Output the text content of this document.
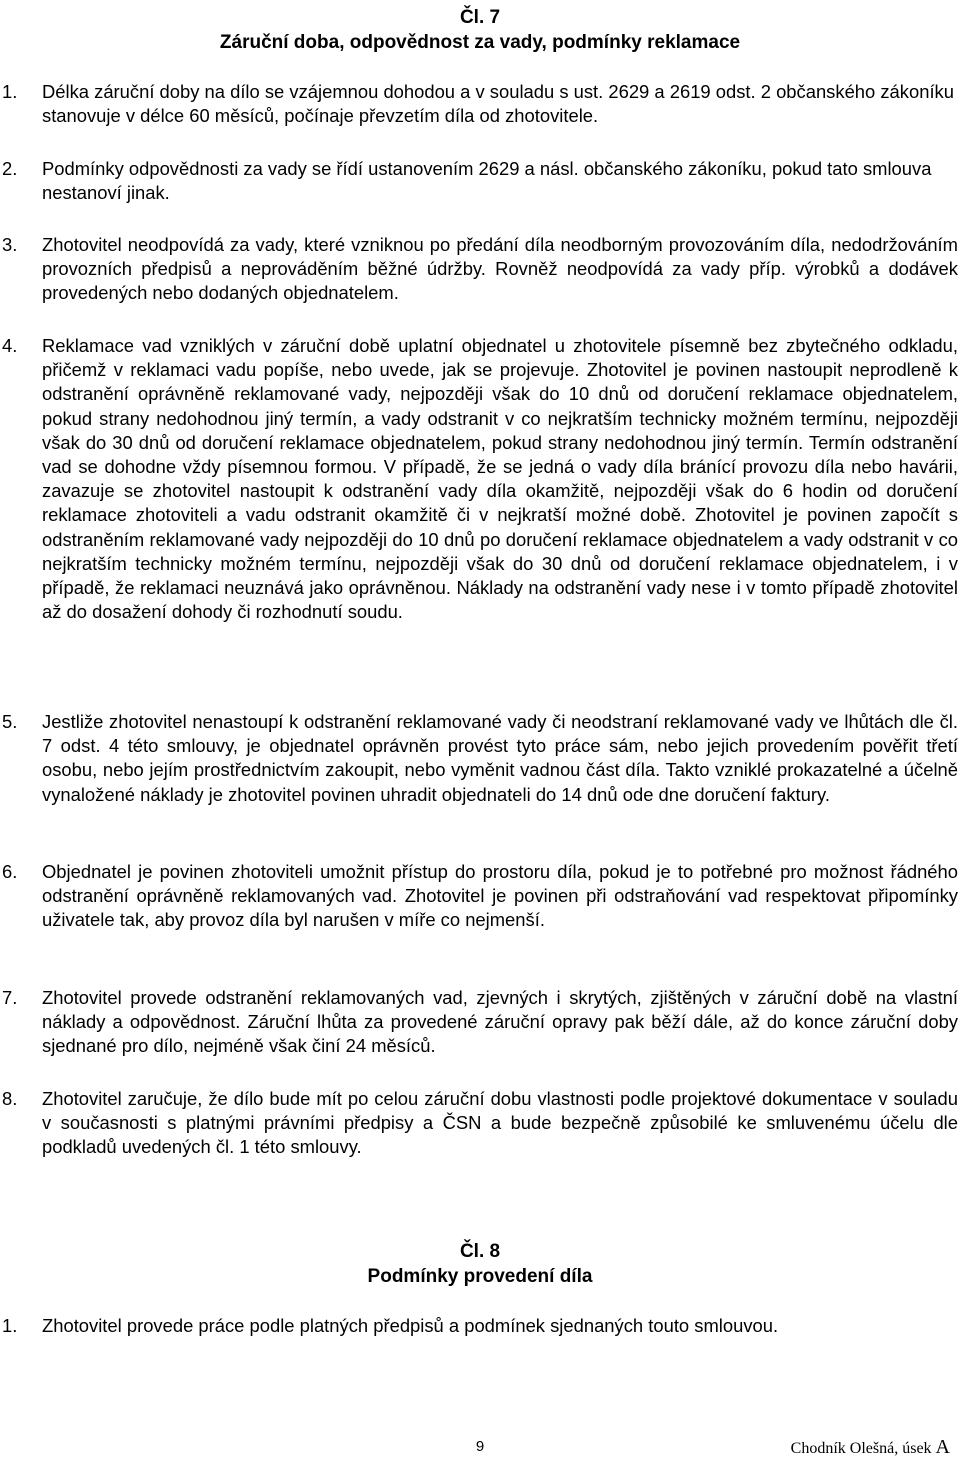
Čl. 7
Záruční doba, odpovědnost za vady, podmínky reklamace
1.	Délka záruční doby na dílo se vzájemnou dohodou a v souladu s ust. 2629 a 2619 odst. 2 občanského zákoníku stanovuje v délce 60 měsíců, počínaje převzetím díla od zhotovitele.
2.	Podmínky odpovědnosti za vady se řídí ustanovením 2629 a násl. občanského zákoníku, pokud tato smlouva nestanoví jinak.
3.	Zhotovitel neodpovídá za vady, které vzniknou po předání díla neodborným provozováním díla, nedodržováním provozních předpisů a neprováděním běžné údržby. Rovněž neodpovídá za vady příp. výrobků a dodávek provedených nebo dodaných objednatelem.
4.	Reklamace vad vzniklých v záruční době uplatní objednatel u zhotovitele písemně bez zbytečného odkladu, přičemž v reklamaci vadu popíše, nebo uvede, jak se projevuje. Zhotovitel je povinen nastoupit neprodleně k odstranění oprávněně reklamované vady, nejpozději však do 10 dnů od doručení reklamace objednatelem, pokud strany nedohodnou jiný termín, a vady odstranit v co nejkratším technicky možném termínu, nejpozději však do 30 dnů od doručení reklamace objednatelem, pokud strany nedohodnou jiný termín. Termín odstranění vad se dohodne vždy písemnou formou. V případě, že se jedná o vady díla bránící provozu díla nebo havárii, zavazuje se zhotovitel nastoupit k odstranění vady díla okamžitě, nejpozději však do 6 hodin od doručení reklamace zhotoviteli a vadu odstranit okamžitě či v nejkratší možné době. Zhotovitel je povinen započít s odstraněním reklamované vady nejpozději do 10 dnů po doručení reklamace objednatelem a vady odstranit v co nejkratším technicky možném termínu, nejpozději však do 30 dnů od doručení reklamace objednatelem, i v případě, že reklamaci neuznává jako oprávněnou. Náklady na odstranění vady nese i v tomto případě zhotovitel až do dosažení dohody či rozhodnutí soudu.
5.	Jestliže zhotovitel nenastoupí k odstranění reklamované vady či neodstraní reklamované vady ve lhůtách dle čl. 7 odst. 4 této smlouvy, je objednatel oprávněn provést tyto práce sám, nebo jejich provedením pověřit třetí osobu, nebo jejím prostřednictvím zakoupit, nebo vyměnit vadnou část díla. Takto vzniklé prokazatelné a účelně vynaložené náklady je zhotovitel povinen uhradit objednateli do 14 dnů ode dne doručení faktury.
6.	Objednatel je povinen zhotoviteli umožnit přístup do prostoru díla, pokud je to potřebné pro možnost řádného odstranění oprávněně reklamovaných vad. Zhotovitel je povinen při odstraňování vad respektovat připomínky uživatele tak, aby provoz díla byl narušen v míře co nejmenší.
7.	Zhotovitel provede odstranění reklamovaných vad, zjevných i skrytých, zjištěných v záruční době na vlastní náklady a odpovědnost. Záruční lhůta za provedené záruční opravy pak běží dále, až do konce záruční doby sjednané pro dílo, nejméně však činí 24 měsíců.
8.	Zhotovitel zaručuje, že dílo bude mít po celou záruční dobu vlastnosti podle projektové dokumentace v souladu v současnosti s platnými právními předpisy a ČSN a bude bezpečně způsobilé ke smluvenému účelu dle podkladů uvedených čl. 1 této smlouvy.
Čl. 8
Podmínky provedení díla
1.	Zhotovitel provede práce podle platných předpisů a podmínek sjednaných touto smlouvou.
9	Chodník Olešná, úsek A
